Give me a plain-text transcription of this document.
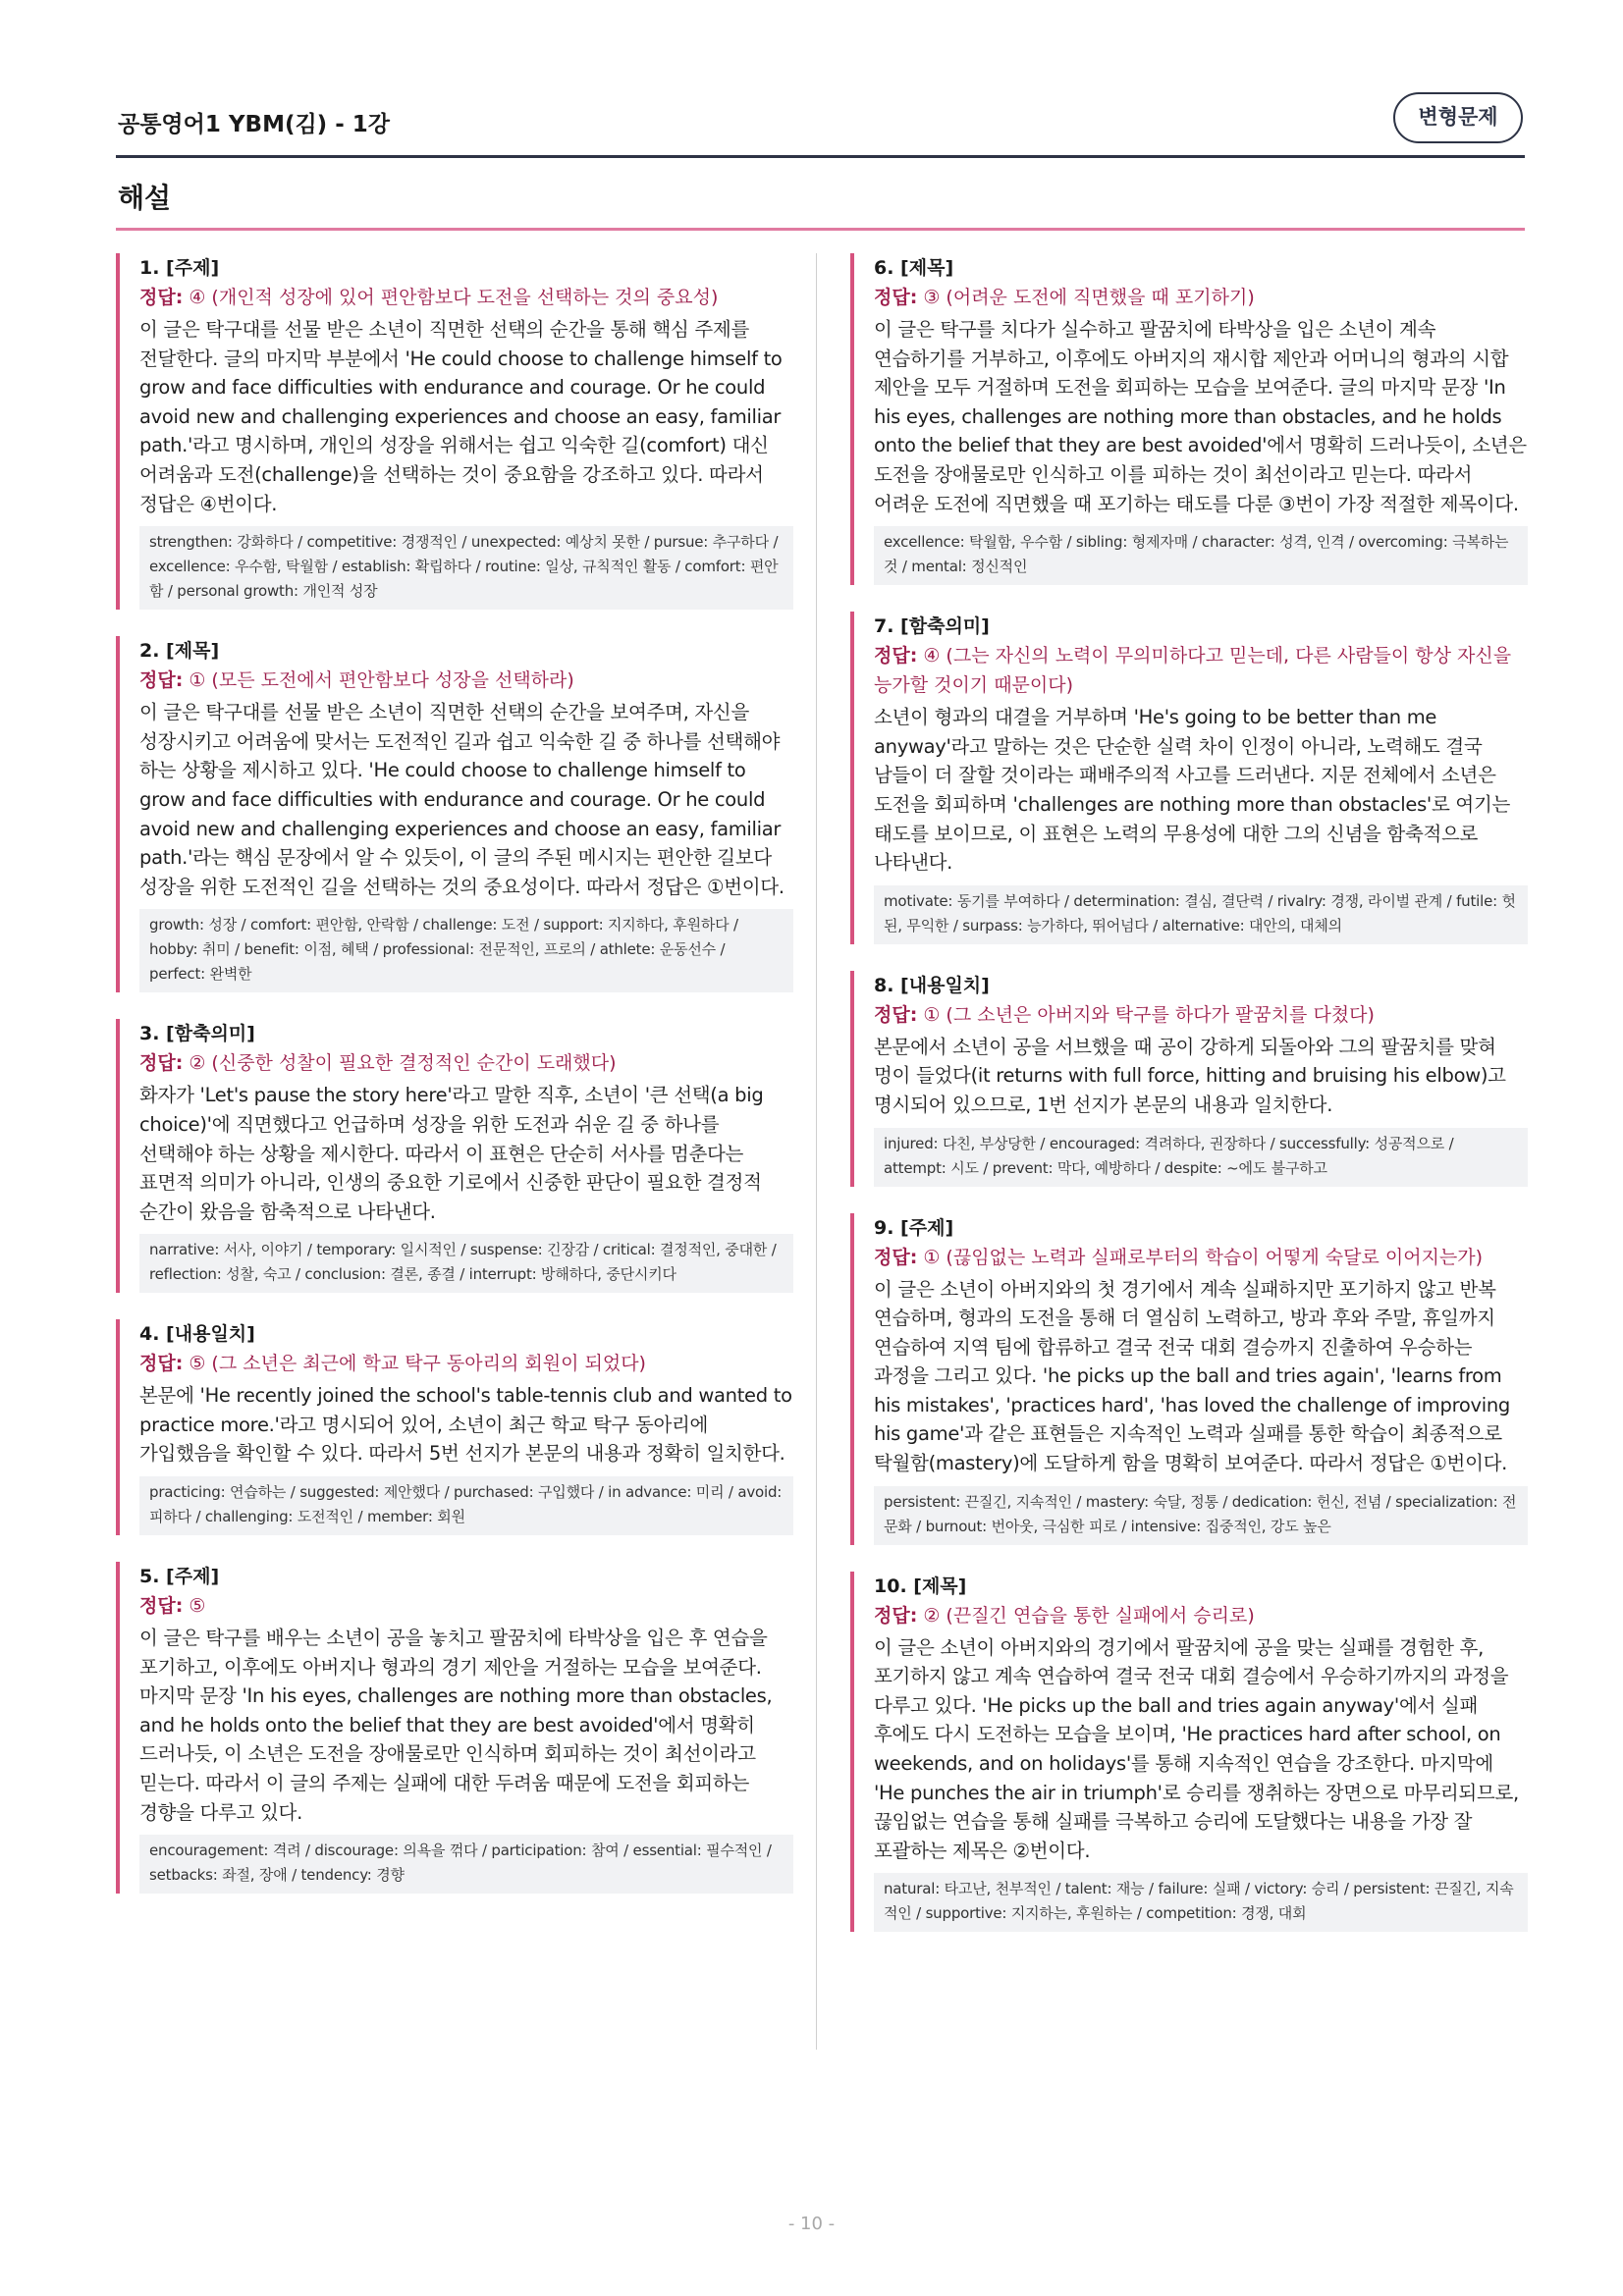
공통영어1 YBM(김) - 1강	변형문제
해설
1. [주제]
정답: ④ (개인적 성장에 있어 편안함보다 도전을 선택하는 것의 중요성)
이 글은 탁구대를 선물 받은 소년이 직면한 선택의 순간을 통해 핵심 주제를 전달한다. 글의 마지막 부분에서 'He could choose to challenge himself to grow and face difficulties with endurance and courage. Or he could avoid new and challenging experiences and choose an easy, familiar path.'라고 명시하며, 개인의 성장을 위해서는 쉽고 익숙한 길(comfort) 대신 어려움과 도전(challenge)을 선택하는 것이 중요함을 강조하고 있다. 따라서 정답은 ④번이다.
strengthen: 강화하다 / competitive: 경쟁적인 / unexpected: 예상치 못한 / pursue: 추구하다 / excellence: 우수함, 탁월함 / establish: 확립하다 / routine: 일상, 규칙적인 활동 / comfort: 편안함 / personal growth: 개인적 성장
2. [제목]
정답: ① (모든 도전에서 편안함보다 성장을 선택하라)
이 글은 탁구대를 선물 받은 소년이 직면한 선택의 순간을 보여주며, 자신을 성장시키고 어려움에 맞서는 도전적인 길과 쉽고 익숙한 길 중 하나를 선택해야 하는 상황을 제시하고 있다. 'He could choose to challenge himself to grow and face difficulties with endurance and courage. Or he could avoid new and challenging experiences and choose an easy, familiar path.'라는 핵심 문장에서 알 수 있듯이, 이 글의 주된 메시지는 편안한 길보다 성장을 위한 도전적인 길을 선택하는 것의 중요성이다. 따라서 정답은 ①번이다.
growth: 성장 / comfort: 편안함, 안락함 / challenge: 도전 / support: 지지하다, 후원하다 / hobby: 취미 / benefit: 이점, 혜택 / professional: 전문적인, 프로의 / athlete: 운동선수 / perfect: 완벽한
3. [함축의미]
정답: ② (신중한 성찰이 필요한 결정적인 순간이 도래했다)
화자가 'Let's pause the story here'라고 말한 직후, 소년이 '큰 선택(a big choice)'에 직면했다고 언급하며 성장을 위한 도전과 쉬운 길 중 하나를 선택해야 하는 상황을 제시한다. 따라서 이 표현은 단순히 서사를 멈춘다는 표면적 의미가 아니라, 인생의 중요한 기로에서 신중한 판단이 필요한 결정적 순간이 왔음을 함축적으로 나타낸다.
narrative: 서사, 이야기 / temporary: 일시적인 / suspense: 긴장감 / critical: 결정적인, 중대한 / reflection: 성찰, 숙고 / conclusion: 결론, 종결 / interrupt: 방해하다, 중단시키다
4. [내용일치]
정답: ⑤ (그 소년은 최근에 학교 탁구 동아리의 회원이 되었다)
본문에 'He recently joined the school's table-tennis club and wanted to practice more.'라고 명시되어 있어, 소년이 최근 학교 탁구 동아리에 가입했음을 확인할 수 있다. 따라서 5번 선지가 본문의 내용과 정확히 일치한다.
practicing: 연습하는 / suggested: 제안했다 / purchased: 구입했다 / in advance: 미리 / avoid: 피하다 / challenging: 도전적인 / member: 회원
5. [주제]
정답: ⑤
이 글은 탁구를 배우는 소년이 공을 놓치고 팔꿈치에 타박상을 입은 후 연습을 포기하고, 이후에도 아버지나 형과의 경기 제안을 거절하는 모습을 보여준다. 마지막 문장 'In his eyes, challenges are nothing more than obstacles, and he holds onto the belief that they are best avoided'에서 명확히 드러나듯, 이 소년은 도전을 장애물로만 인식하며 회피하는 것이 최선이라고 믿는다. 따라서 이 글의 주제는 실패에 대한 두려움 때문에 도전을 회피하는 경향을 다루고 있다.
encouragement: 격려 / discourage: 의욕을 꺾다 / participation: 참여 / essential: 필수적인 / setbacks: 좌절, 장애 / tendency: 경향
6. [제목]
정답: ③ (어려운 도전에 직면했을 때 포기하기)
이 글은 탁구를 치다가 실수하고 팔꿈치에 타박상을 입은 소년이 계속 연습하기를 거부하고, 이후에도 아버지의 재시합 제안과 어머니의 형과의 시합 제안을 모두 거절하며 도전을 회피하는 모습을 보여준다. 글의 마지막 문장 'In his eyes, challenges are nothing more than obstacles, and he holds onto the belief that they are best avoided'에서 명확히 드러나듯이, 소년은 도전을 장애물로만 인식하고 이를 피하는 것이 최선이라고 믿는다. 따라서 어려운 도전에 직면했을 때 포기하는 태도를 다룬 ③번이 가장 적절한 제목이다.
excellence: 탁월함, 우수함 / sibling: 형제자매 / character: 성격, 인격 / overcoming: 극복하는 것 / mental: 정신적인
7. [함축의미]
정답: ④ (그는 자신의 노력이 무의미하다고 믿는데, 다른 사람들이 항상 자신을 능가할 것이기 때문이다)
소년이 형과의 대결을 거부하며 'He's going to be better than me anyway'라고 말하는 것은 단순한 실력 차이 인정이 아니라, 노력해도 결국 남들이 더 잘할 것이라는 패배주의적 사고를 드러낸다. 지문 전체에서 소년은 도전을 회피하며 'challenges are nothing more than obstacles'로 여기는 태도를 보이므로, 이 표현은 노력의 무용성에 대한 그의 신념을 함축적으로 나타낸다.
motivate: 동기를 부여하다 / determination: 결심, 결단력 / rivalry: 경쟁, 라이벌 관계 / futile: 헛된, 무익한 / surpass: 능가하다, 뛰어넘다 / alternative: 대안의, 대체의
8. [내용일치]
정답: ① (그 소년은 아버지와 탁구를 하다가 팔꿈치를 다쳤다)
본문에서 소년이 공을 서브했을 때 공이 강하게 되돌아와 그의 팔꿈치를 맞혀 멍이 들었다(it returns with full force, hitting and bruising his elbow)고 명시되어 있으므로, 1번 선지가 본문의 내용과 일치한다.
injured: 다친, 부상당한 / encouraged: 격려하다, 권장하다 / successfully: 성공적으로 / attempt: 시도 / prevent: 막다, 예방하다 / despite: ~에도 불구하고
9. [주제]
정답: ① (끊임없는 노력과 실패로부터의 학습이 어떻게 숙달로 이어지는가)
이 글은 소년이 아버지와의 첫 경기에서 계속 실패하지만 포기하지 않고 반복 연습하며, 형과의 도전을 통해 더 열심히 노력하고, 방과 후와 주말, 휴일까지 연습하여 지역 팀에 합류하고 결국 전국 대회 결승까지 진출하여 우승하는 과정을 그리고 있다. 'he picks up the ball and tries again', 'learns from his mistakes', 'practices hard', 'has loved the challenge of improving his game'과 같은 표현들은 지속적인 노력과 실패를 통한 학습이 최종적으로 탁월함(mastery)에 도달하게 함을 명확히 보여준다. 따라서 정답은 ①번이다.
persistent: 끈질긴, 지속적인 / mastery: 숙달, 정통 / dedication: 헌신, 전념 / specialization: 전문화 / burnout: 번아웃, 극심한 피로 / intensive: 집중적인, 강도 높은
10. [제목]
정답: ② (끈질긴 연습을 통한 실패에서 승리로)
이 글은 소년이 아버지와의 경기에서 팔꿈치에 공을 맞는 실패를 경험한 후, 포기하지 않고 계속 연습하여 결국 전국 대회 결승에서 우승하기까지의 과정을 다루고 있다. 'He picks up the ball and tries again anyway'에서 실패 후에도 다시 도전하는 모습을 보이며, 'He practices hard after school, on weekends, and on holidays'를 통해 지속적인 연습을 강조한다. 마지막에 'He punches the air in triumph'로 승리를 쟁취하는 장면으로 마무리되므로, 끊임없는 연습을 통해 실패를 극복하고 승리에 도달했다는 내용을 가장 잘 포괄하는 제목은 ②번이다.
natural: 타고난, 천부적인 / talent: 재능 / failure: 실패 / victory: 승리 / persistent: 끈질긴, 지속적인 / supportive: 지지하는, 후원하는 / competition: 경쟁, 대회
- 10 -
